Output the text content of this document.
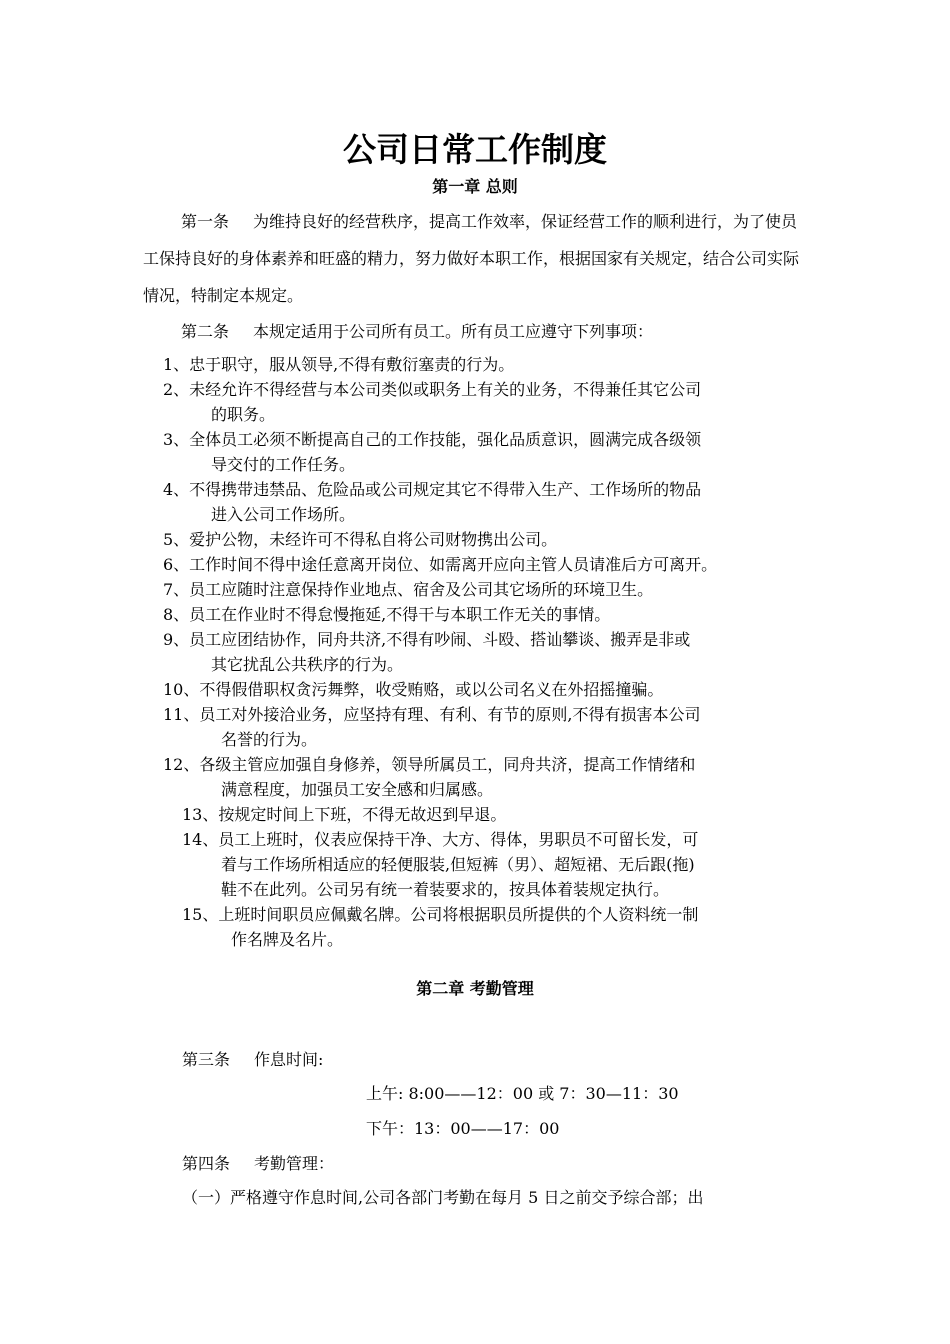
公司日常工作制度
第一章 总则
第一条 为维持良好的经营秩序，提高工作效率，保证经营工作的顺利进行，为了使员工保持良好的身体素养和旺盛的精力，努力做好本职工作，根据国家有关规定，结合公司实际情况，特制定本规定。
第二条 本规定适用于公司所有员工。所有员工应遵守下列事项：
1、忠于职守，服从领导,不得有敷衍塞责的行为。
2、未经允许不得经营与本公司类似或职务上有关的业务，不得兼任其它公司
的职务。
3、全体员工必须不断提高自己的工作技能，强化品质意识，圆满完成各级领
导交付的工作任务。
4、不得携带违禁品、危险品或公司规定其它不得带入生产、工作场所的物品
进入公司工作场所。
5、爱护公物，未经许可不得私自将公司财物携出公司。
6、工作时间不得中途任意离开岗位、如需离开应向主管人员请准后方可离开。
7、员工应随时注意保持作业地点、宿舍及公司其它场所的环境卫生。
8、员工在作业时不得怠慢拖延,不得干与本职工作无关的事情。
9、员工应团结协作，同舟共济,不得有吵闹、斗殴、搭讪攀谈、搬弄是非或
其它扰乱公共秩序的行为。
10、不得假借职权贪污舞弊，收受贿赂，或以公司名义在外招摇撞骗。
11、员工对外接洽业务，应坚持有理、有利、有节的原则,不得有损害本公司
名誉的行为。
12、各级主管应加强自身修养，领导所属员工，同舟共济，提高工作情绪和
满意程度，加强员工安全感和归属感。
13、按规定时间上下班，不得无故迟到早退。
14、员工上班时，仪表应保持干净、大方、得体，男职员不可留长发，可
着与工作场所相适应的轻便服装,但短裤（男）、超短裙、无后跟(拖)
鞋不在此列。公司另有统一着装要求的，按具体着装规定执行。
15、上班时间职员应佩戴名牌。公司将根据职员所提供的个人资料统一制
作名牌及名片。
第二章 考勤管理
第三条 作息时间:
上午: 8:00——12：00 或 7：30—11：30
下午：13：00——17：00
第四条 考勤管理：
（一）严格遵守作息时间,公司各部门考勤在每月 5 日之前交予综合部；出
